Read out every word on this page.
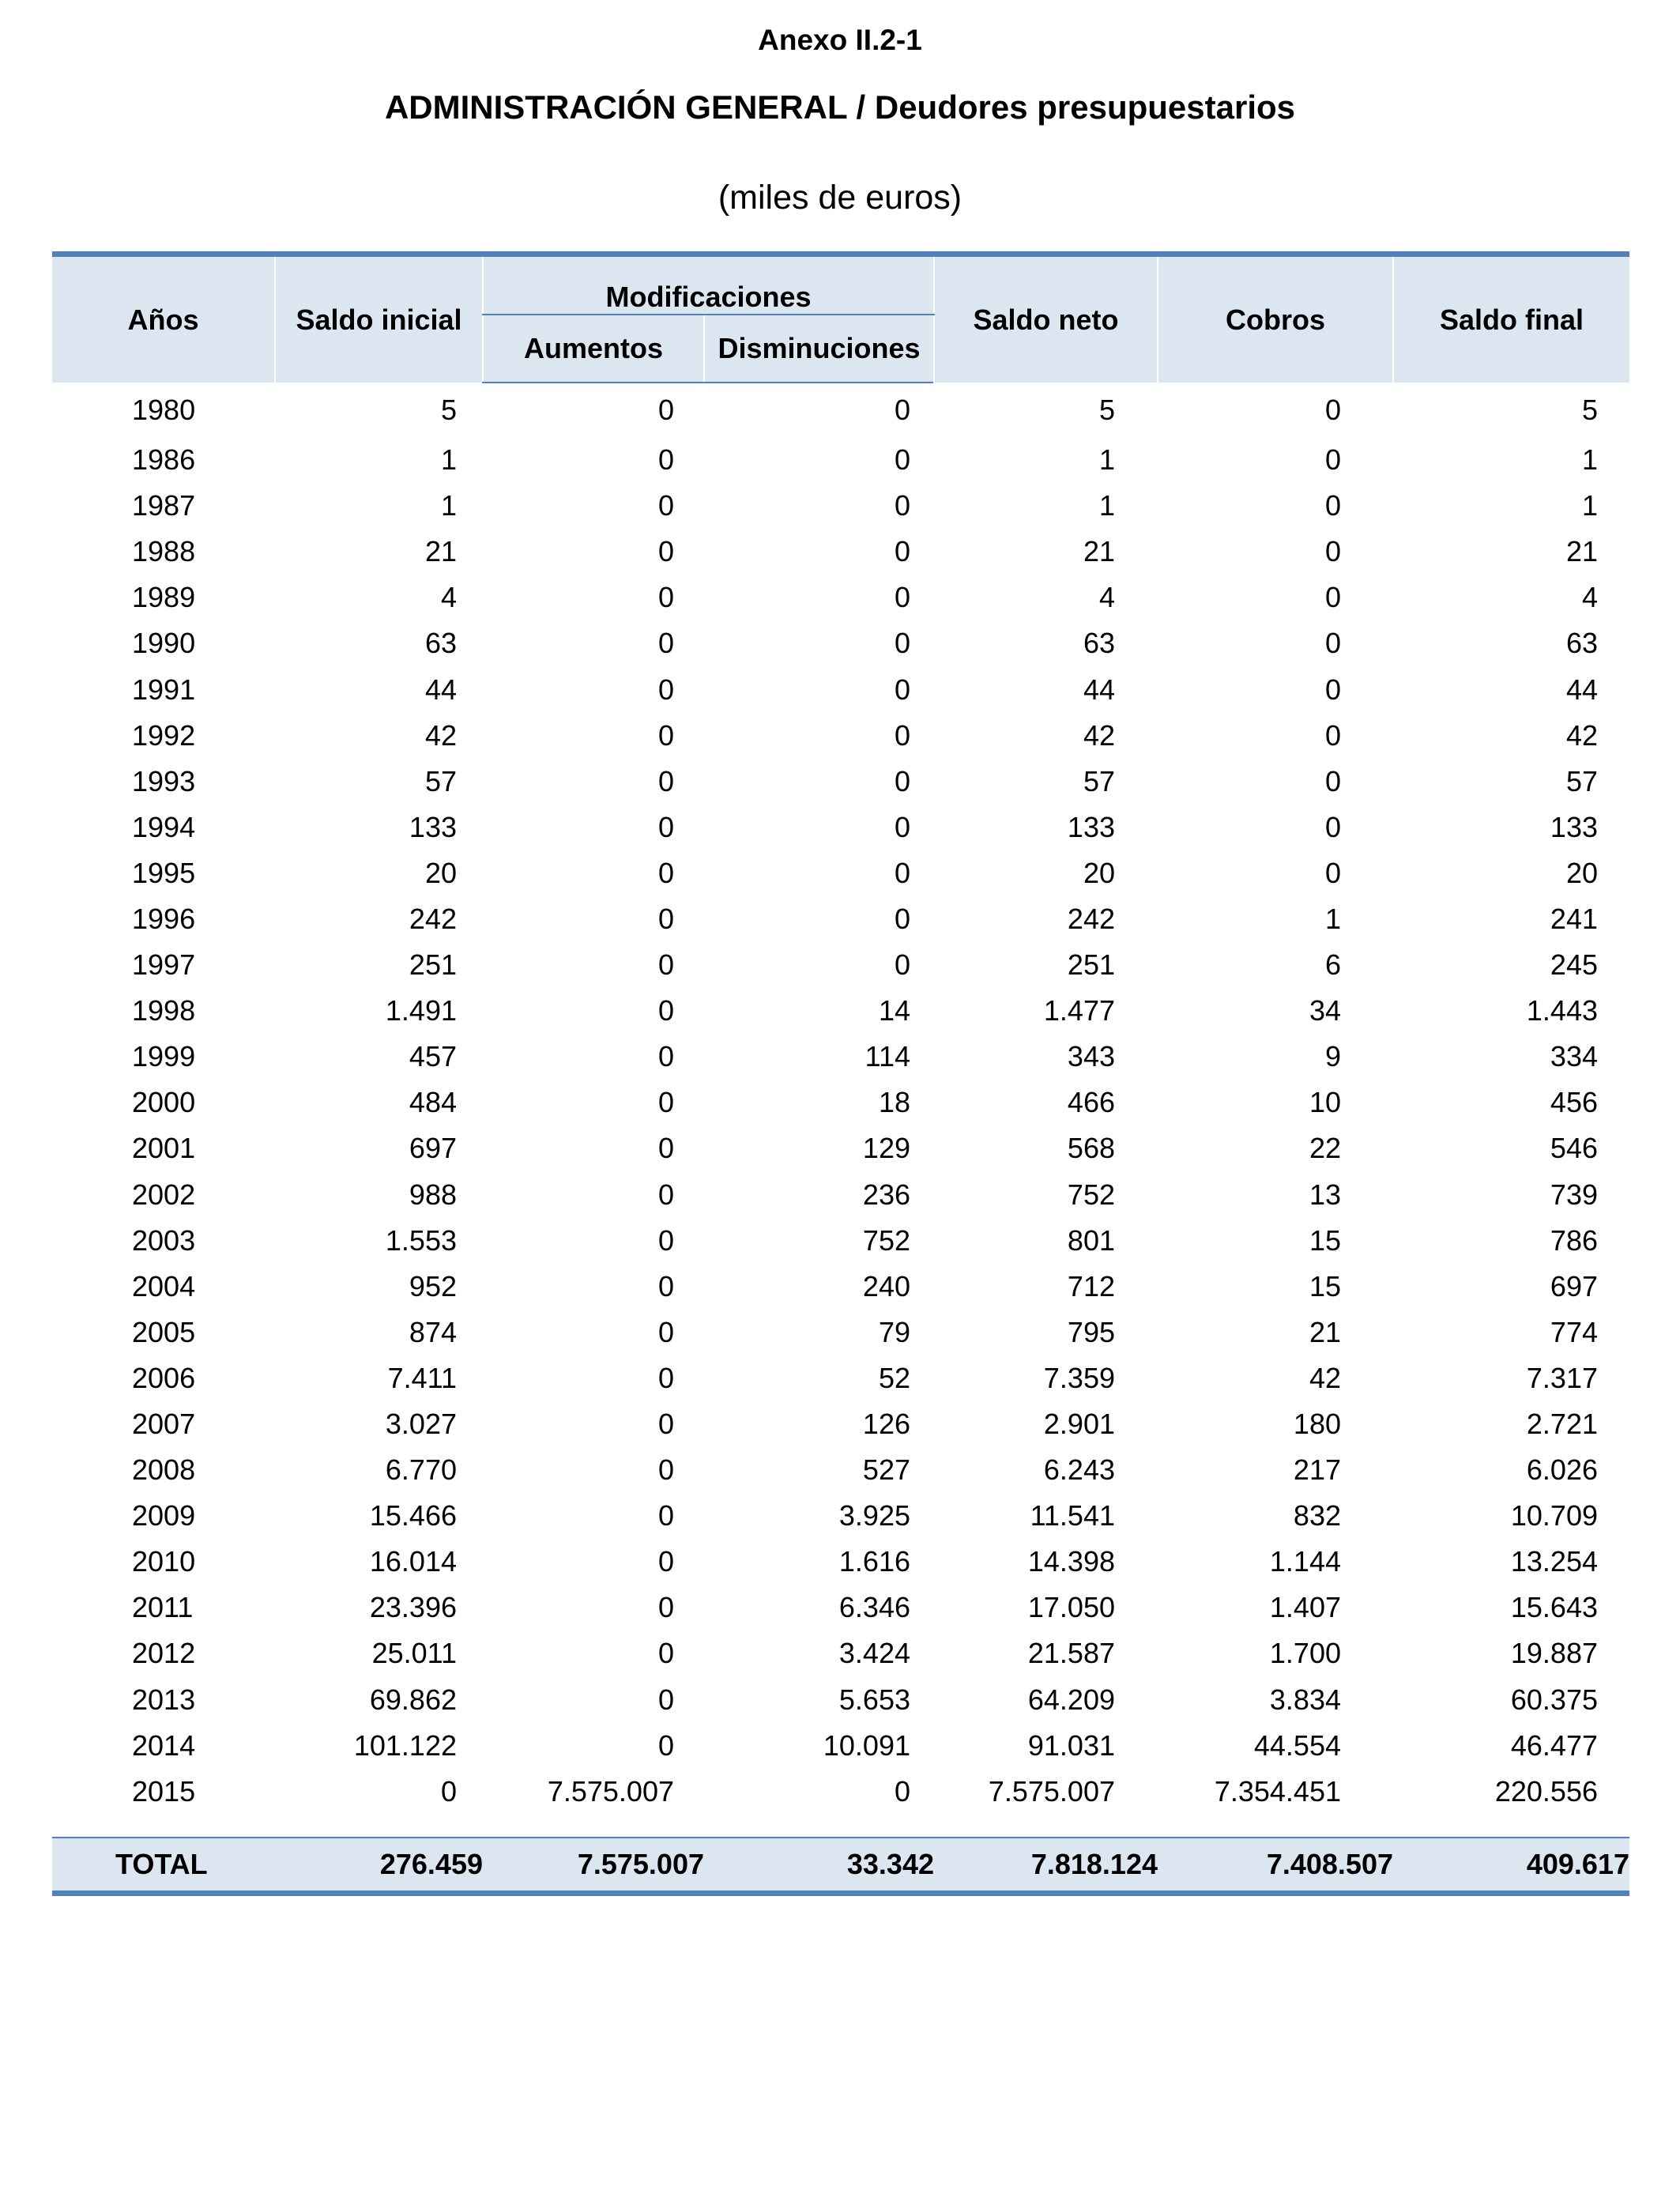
Anexo II.2-1
ADMINISTRACIÓN GENERAL / Deudores presupuestarios
(miles de euros)
Años	Saldo inicial	Modificaciones		Saldo neto	Cobros	Saldo final
		Aumentos	Disminuciones			
1980	5	0	0	5	0	5
1986	1	0	0	1	0	1
1987	1	0	0	1	0	1
1988	21	0	0	21	0	21
1989	4	0	0	4	0	4
1990	63	0	0	63	0	63
1991	44	0	0	44	0	44
1992	42	0	0	42	0	42
1993	57	0	0	57	0	57
1994	133	0	0	133	0	133
1995	20	0	0	20	0	20
1996	242	0	0	242	1	241
1997	251	0	0	251	6	245
1998	1.491	0	14	1.477	34	1.443
1999	457	0	114	343	9	334
2000	484	0	18	466	10	456
2001	697	0	129	568	22	546
2002	988	0	236	752	13	739
2003	1.553	0	752	801	15	786
2004	952	0	240	712	15	697
2005	874	0	79	795	21	774
2006	7.411	0	52	7.359	42	7.317
2007	3.027	0	126	2.901	180	2.721
2008	6.770	0	527	6.243	217	6.026
2009	15.466	0	3.925	11.541	832	10.709
2010	16.014	0	1.616	14.398	1.144	13.254
2011	23.396	0	6.346	17.050	1.407	15.643
2012	25.011	0	3.424	21.587	1.700	19.887
2013	69.862	0	5.653	64.209	3.834	60.375
2014	101.122	0	10.091	91.031	44.554	46.477
2015	0	7.575.007	0	7.575.007	7.354.451	220.556

TOTAL	276.459	7.575.007	33.342	7.818.124	7.408.507	409.617
